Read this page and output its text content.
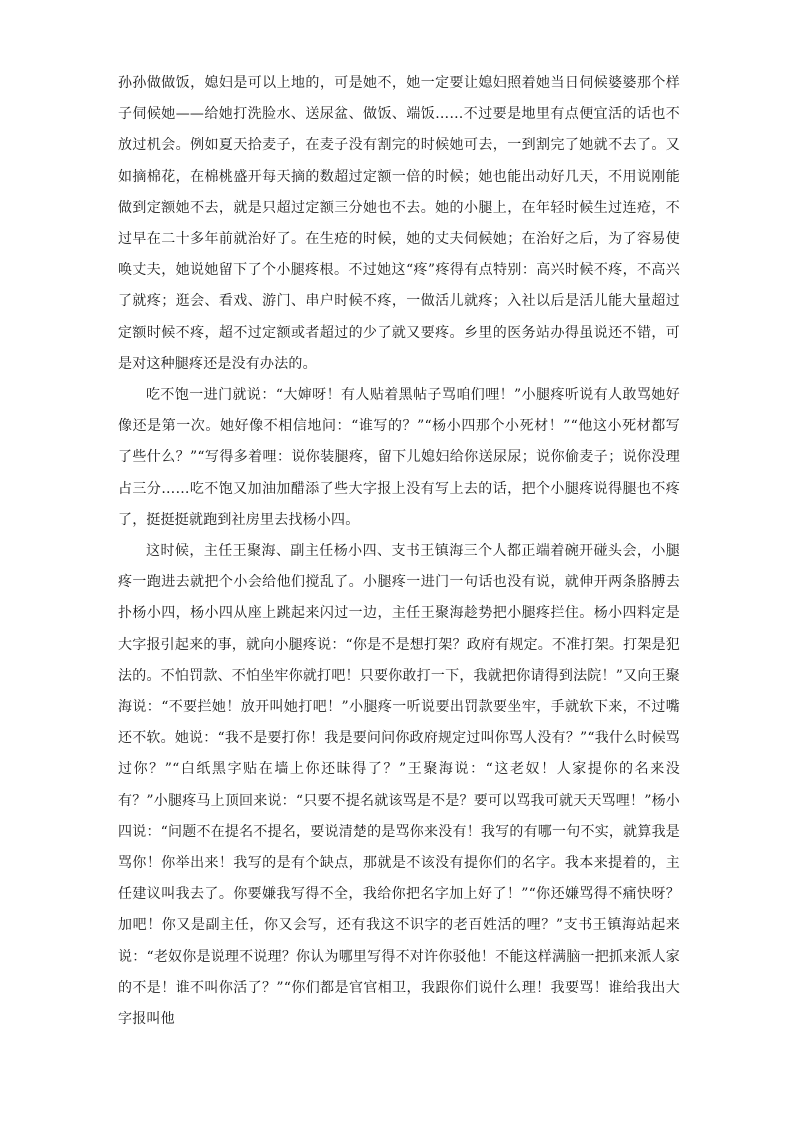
孙孙做做饭，媳妇是可以上地的，可是她不，她一定要让媳妇照着她当日伺候婆婆那个样子伺候她——给她打洗脸水、送尿盆、做饭、端饭……不过要是地里有点便宜活的话也不放过机会。例如夏天拾麦子，在麦子没有割完的时候她可去，一到割完了她就不去了。又如摘棉花，在棉桃盛开每天摘的数超过定额一倍的时候；她也能出动好几天，不用说刚能做到定额她不去，就是只超过定额三分她也不去。她的小腿上，在年轻时候生过连疮，不过早在二十多年前就治好了。在生疮的时候，她的丈夫伺候她；在治好之后，为了容易使唤丈夫，她说她留下了个小腿疼根。不过她这“疼”疼得有点特别：高兴时候不疼，不高兴了就疼；逛会、看戏、游门、串户时候不疼，一做活儿就疼；入社以后是活儿能大量超过定额时候不疼，超不过定额或者超过的少了就又要疼。乡里的医务站办得虽说还不错，可是对这种腿疼还是没有办法的。

吃不饱一进门就说：“大婶呀！有人贴着黑帖子骂咱们哩！”小腿疼听说有人敢骂她好像还是第一次。她好像不相信地问：“谁写的？”“杨小四那个小死材！”“他这小死材都写了些什么？”“写得多着哩：说你装腿疼，留下儿媳妇给你送尿尿；说你偷麦子；说你没理占三分……吃不饱又加油加醋添了些大字报上没有写上去的话，把个小腿疼说得腿也不疼了，挺挺挺就跑到社房里去找杨小四。

这时候，主任王聚海、副主任杨小四、支书王镇海三个人都正端着碗开碰头会，小腿疼一跑进去就把个小会给他们搅乱了。小腿疼一进门一句话也没有说，就伸开两条胳膊去扑杨小四，杨小四从座上跳起来闪过一边，主任王聚海趁势把小腿疼拦住。杨小四料定是大字报引起来的事，就向小腿疼说：“你是不是想打架？政府有规定。不准打架。打架是犯法的。不怕罚款、不怕坐牢你就打吧！只要你敢打一下，我就把你请得到法院！”又向王聚海说：“不要拦她！放开叫她打吧！”小腿疼一听说要出罚款要坐牢，手就软下来，不过嘴还不软。她说：“我不是要打你！我是要问问你政府规定过叫你骂人没有？”“我什么时候骂过你？”“白纸黑字贴在墙上你还昧得了？”王聚海说：“这老奴！人家提你的名来没有？”小腿疼马上顶回来说：“只要不提名就该骂是不是？要可以骂我可就天天骂哩！”杨小四说：“问题不在提名不提名，要说清楚的是骂你来没有！我写的有哪一句不实，就算我是骂你！你举出来！我写的是有个缺点，那就是不该没有提你们的名字。我本来提着的，主任建议叫我去了。你要嫌我写得不全，我给你把名字加上好了！”“你还嫌骂得不痛快呀？加吧！你又是副主任，你又会写，还有我这不识字的老百姓活的哩？”支书王镇海站起来说：“老奴你是说理不说理？你认为哪里写得不对许你驳他！不能这样满脑一把抓来派人家的不是！谁不叫你活了？”“你们都是官官相卫，我跟你们说什么理！我要骂！谁给我出大字报叫他
